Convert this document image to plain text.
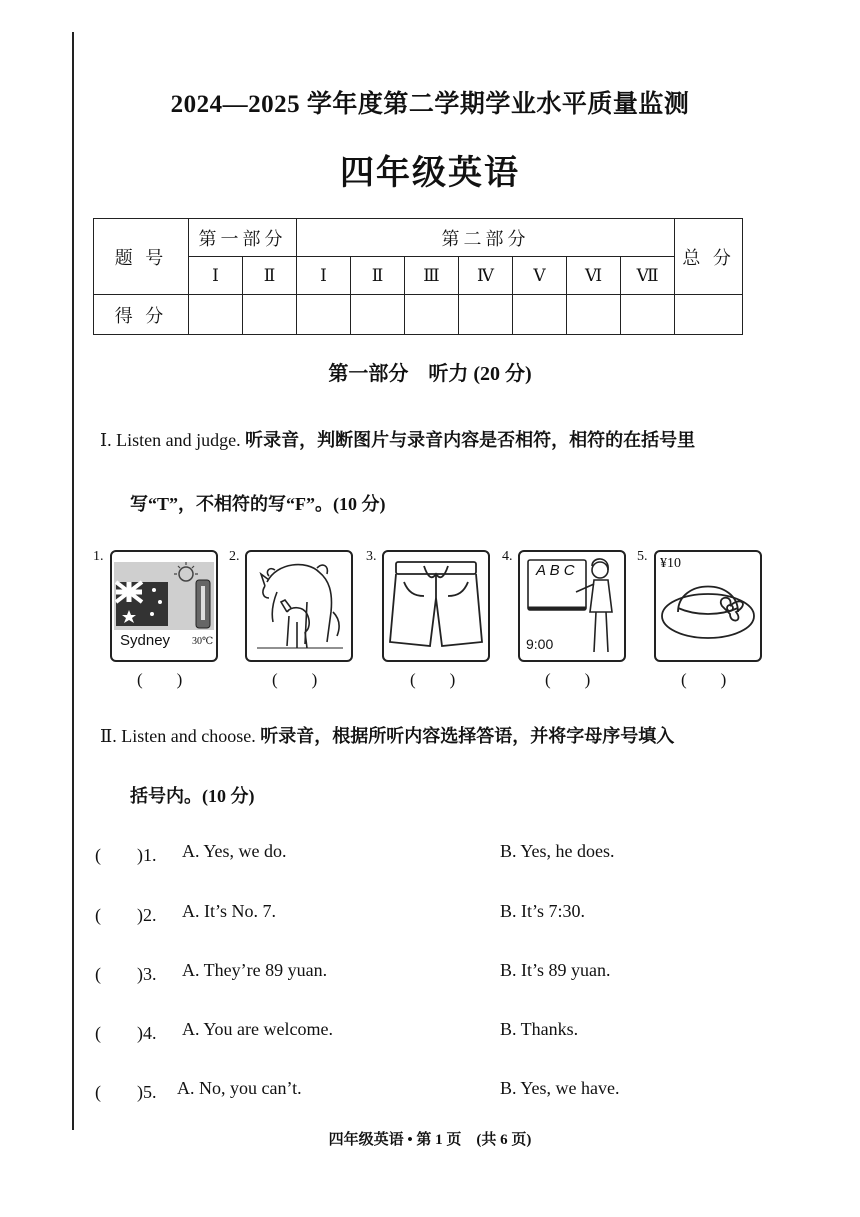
2024—2025 学年度第二学期学业水平质量监测
四年级英语
题 号	第一部分		第二部分							总 分
	Ⅰ	Ⅱ	Ⅰ	Ⅱ	Ⅲ	Ⅳ	Ⅴ	Ⅵ	Ⅶ	
得 分										
第一部分　听力 (20 分)
Ⅰ. Listen and judge. 听录音，判断图片与录音内容是否相符，相符的在括号里
写“T”，不相符的写“F”。(10 分)
1.
Sydney 30℃
(　　)
2.
(　　)
3.
(　　)
4.
A B C
9:00
(　　)
5. ¥10
(　　)
Ⅱ. Listen and choose. 听录音，根据所听内容选择答语，并将字母序号填入
括号内。(10 分)
(　　)1. A. Yes, we do.	B. Yes, he does.
(　　)2. A. It’s No. 7.	B. It’s 7:30.
(　　)3. A. They’re 89 yuan.	B. It’s 89 yuan.
(　　)4. A. You are welcome.	B. Thanks.
(　　)5. A. No, you can’t.	B. Yes, we have.
四年级英语 • 第 1 页　(共 6 页)
